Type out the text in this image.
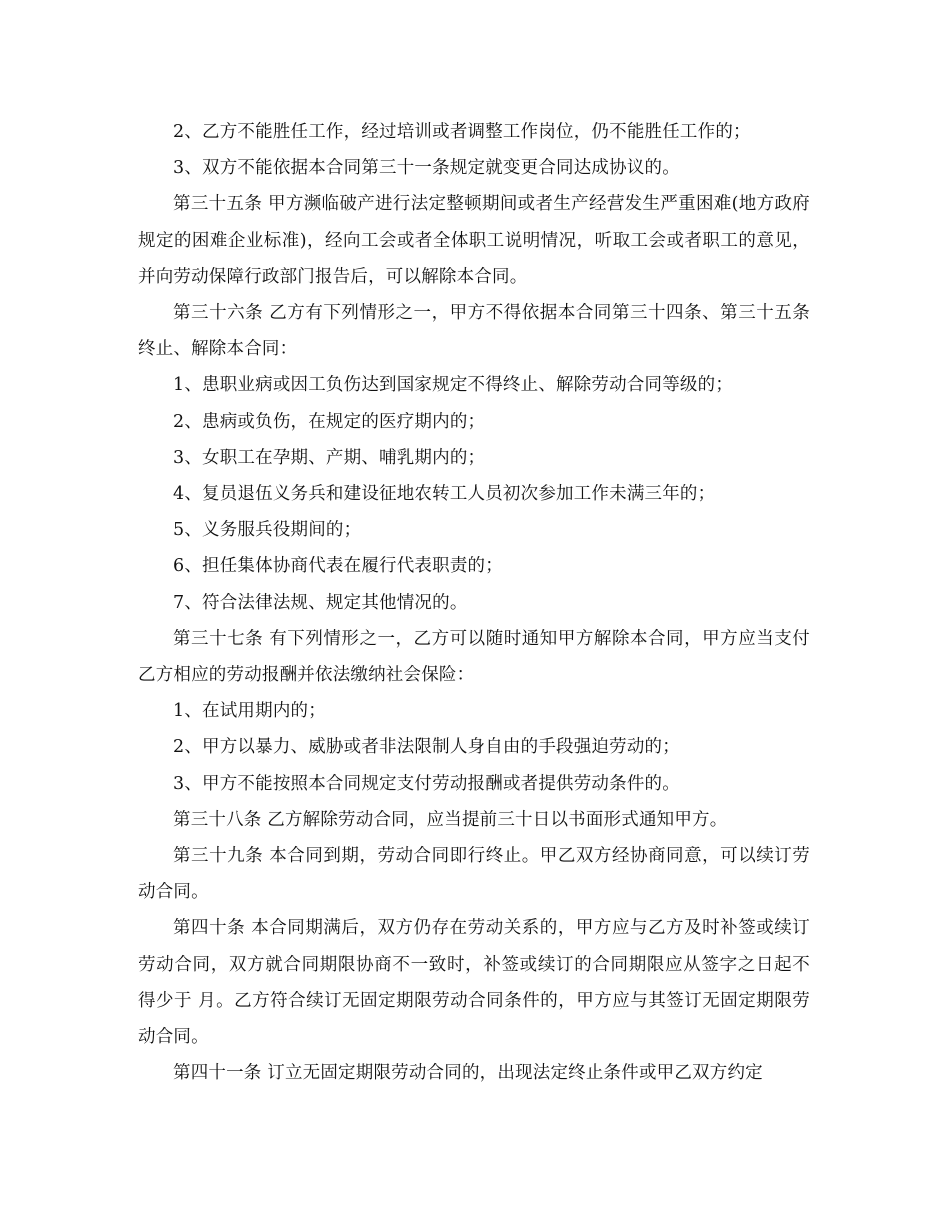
2、乙方不能胜任工作，经过培训或者调整工作岗位，仍不能胜任工作的；

3、双方不能依据本合同第三十一条规定就变更合同达成协议的。

第三十五条 甲方濒临破产进行法定整顿期间或者生产经营发生严重困难(地方政府规定的困难企业标准)，经向工会或者全体职工说明情况，听取工会或者职工的意见，并向劳动保障行政部门报告后，可以解除本合同。

第三十六条 乙方有下列情形之一，甲方不得依据本合同第三十四条、第三十五条终止、解除本合同：

1、患职业病或因工负伤达到国家规定不得终止、解除劳动合同等级的；

2、患病或负伤，在规定的医疗期内的；

3、女职工在孕期、产期、哺乳期内的；

4、复员退伍义务兵和建设征地农转工人员初次参加工作未满三年的；

5、义务服兵役期间的；

6、担任集体协商代表在履行代表职责的；

7、符合法律法规、规定其他情况的。

第三十七条 有下列情形之一，乙方可以随时通知甲方解除本合同，甲方应当支付乙方相应的劳动报酬并依法缴纳社会保险：

1、在试用期内的；

2、甲方以暴力、威胁或者非法限制人身自由的手段强迫劳动的；

3、甲方不能按照本合同规定支付劳动报酬或者提供劳动条件的。

第三十八条 乙方解除劳动合同，应当提前三十日以书面形式通知甲方。

第三十九条 本合同到期，劳动合同即行终止。甲乙双方经协商同意，可以续订劳动合同。

第四十条 本合同期满后，双方仍存在劳动关系的，甲方应与乙方及时补签或续订劳动合同，双方就合同期限协商不一致时，补签或续订的合同期限应从签字之日起不得少于 月。乙方符合续订无固定期限劳动合同条件的，甲方应与其签订无固定期限劳动合同。

第四十一条 订立无固定期限劳动合同的，出现法定终止条件或甲乙双方约定
